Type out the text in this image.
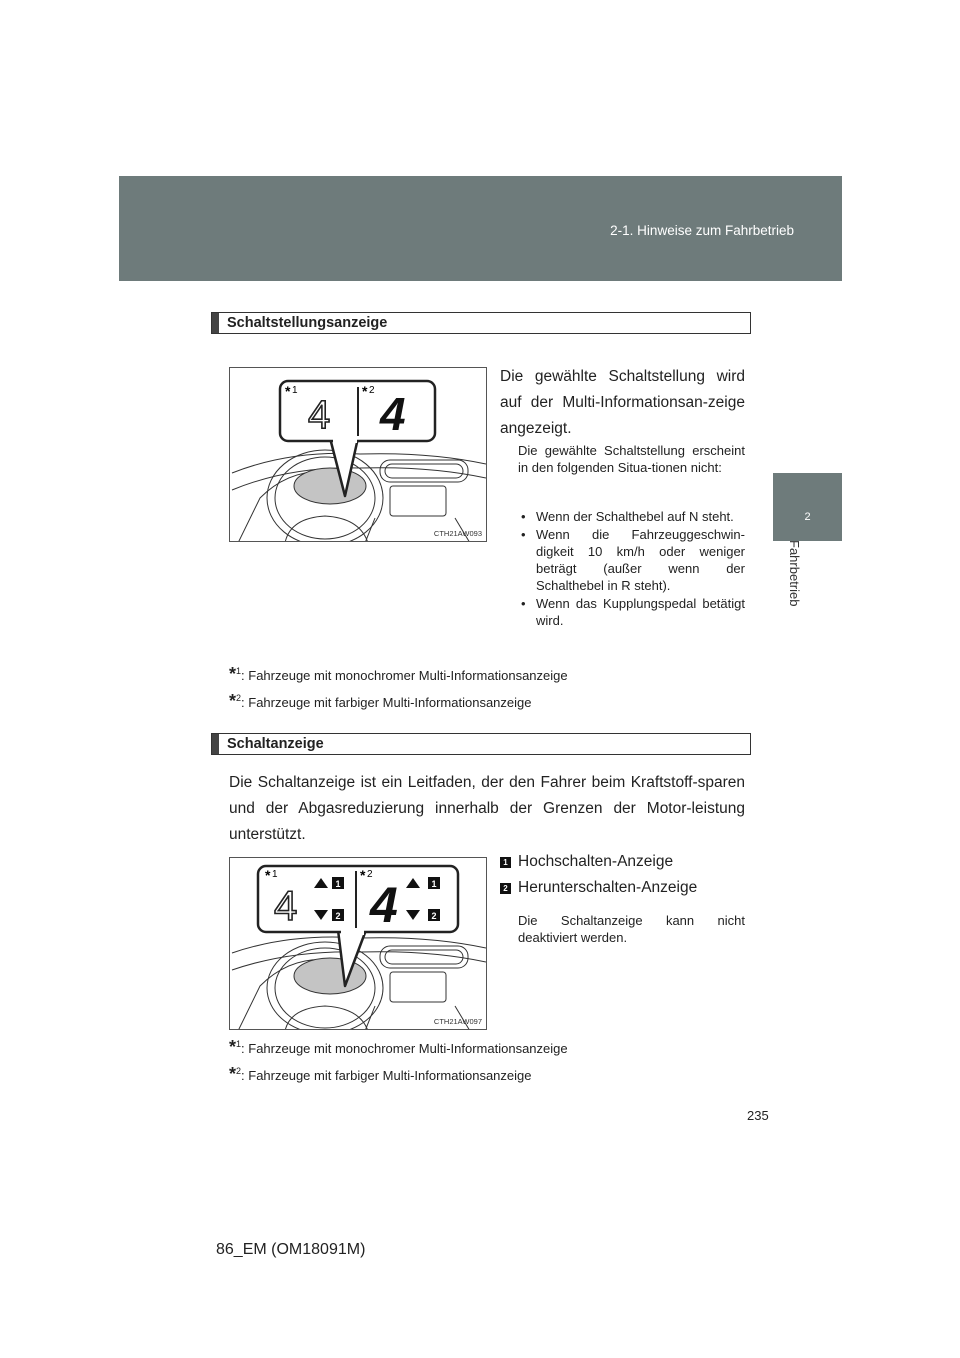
2-1. Hinweise zum Fahrbetrieb
2
Fahrbetrieb
Schaltstellungsanzeige
* 1	* 2
4 4
CTH21AW093
Die gewählte Schaltstellung wird auf der Multi-Informationsan-zeige angezeigt.
Die gewählte Schaltstellung erscheint in den folgenden Situa-tionen nicht:
• Wenn der Schalthebel auf N steht.
• Wenn die Fahrzeuggeschwin-digkeit 10 km/h oder weniger beträgt (außer wenn der Schalthebel in R steht).
• Wenn das Kupplungspedal betätigt wird.
*$^1$: Fahrzeuge mit monochromer Multi-Informationsanzeige
*$^2$: Fahrzeuge mit farbiger Multi-Informationsanzeige
Schaltanzeige
Die Schaltanzeige ist ein Leitfaden, der den Fahrer beim Kraftstoff-sparen und der Abgasreduzierung innerhalb der Grenzen der Motor-leistung unterstützt.
* 1	* 2
4	1
2 4	1
2
CTH21AW097
1 Hochschalten-Anzeige
2 Herunterschalten-Anzeige
Die Schaltanzeige kann nicht deaktiviert werden.
*$^1$: Fahrzeuge mit monochromer Multi-Informationsanzeige
*$^2$: Fahrzeuge mit farbiger Multi-Informationsanzeige
235
86_EM (OM18091M)
